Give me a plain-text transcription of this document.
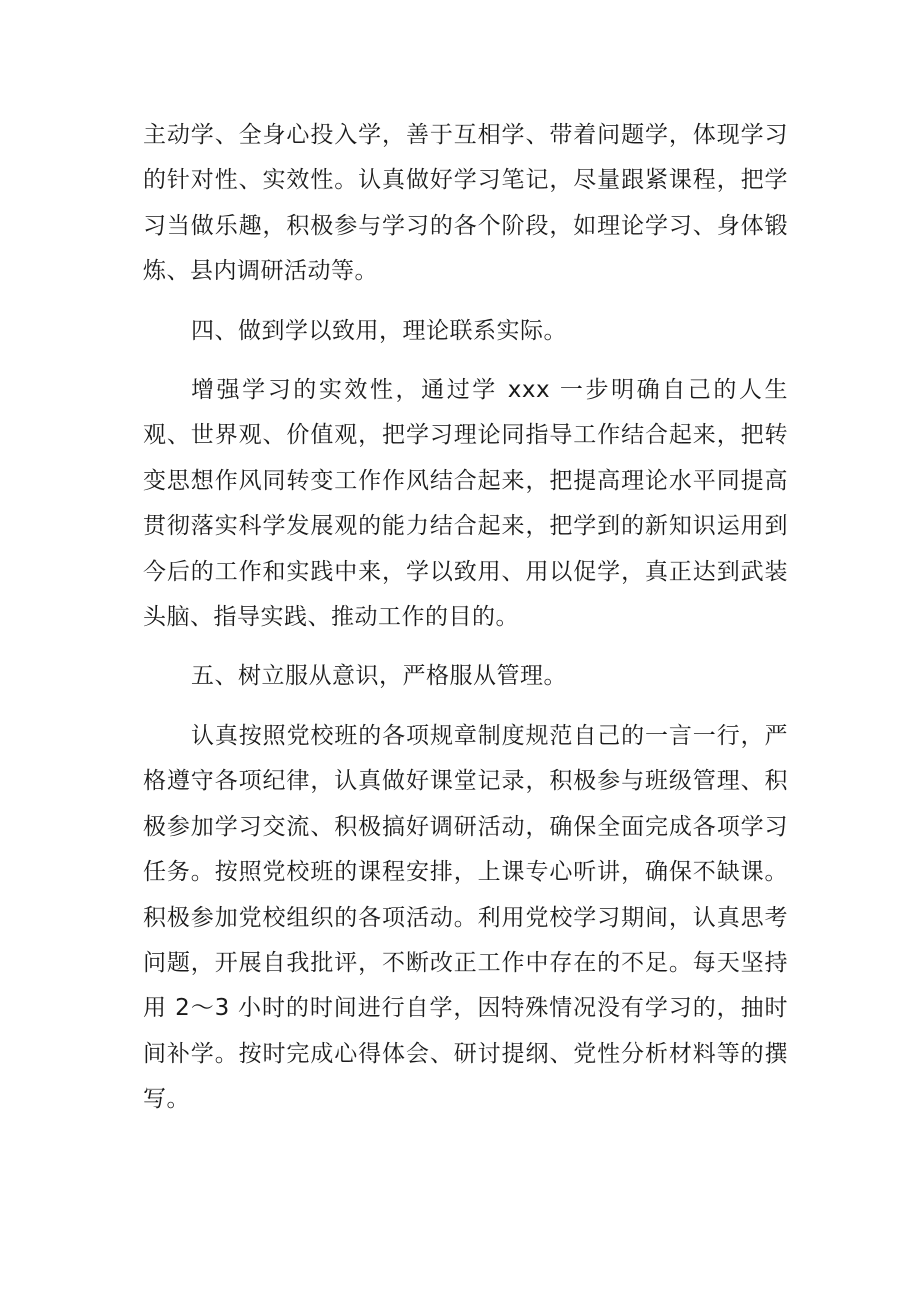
主动学、全身心投入学，善于互相学、带着问题学，体现学习的针对性、实效性。认真做好学习笔记，尽量跟紧课程，把学习当做乐趣，积极参与学习的各个阶段，如理论学习、身体锻炼、县内调研活动等。

四、做到学以致用，理论联系实际。

增强学习的实效性，通过学 xxx 一步明确自己的人生观、世界观、价值观，把学习理论同指导工作结合起来，把转变思想作风同转变工作作风结合起来，把提高理论水平同提高贯彻落实科学发展观的能力结合起来，把学到的新知识运用到今后的工作和实践中来，学以致用、用以促学，真正达到武装头脑、指导实践、推动工作的目的。

五、树立服从意识，严格服从管理。

认真按照党校班的各项规章制度规范自己的一言一行，严格遵守各项纪律，认真做好课堂记录，积极参与班级管理、积极参加学习交流、积极搞好调研活动，确保全面完成各项学习任务。按照党校班的课程安排，上课专心听讲，确保不缺课。积极参加党校组织的各项活动。利用党校学习期间，认真思考问题，开展自我批评，不断改正工作中存在的不足。每天坚持用 2～3 小时的时间进行自学，因特殊情况没有学习的，抽时间补学。按时完成心得体会、研讨提纲、党性分析材料等的撰写。
